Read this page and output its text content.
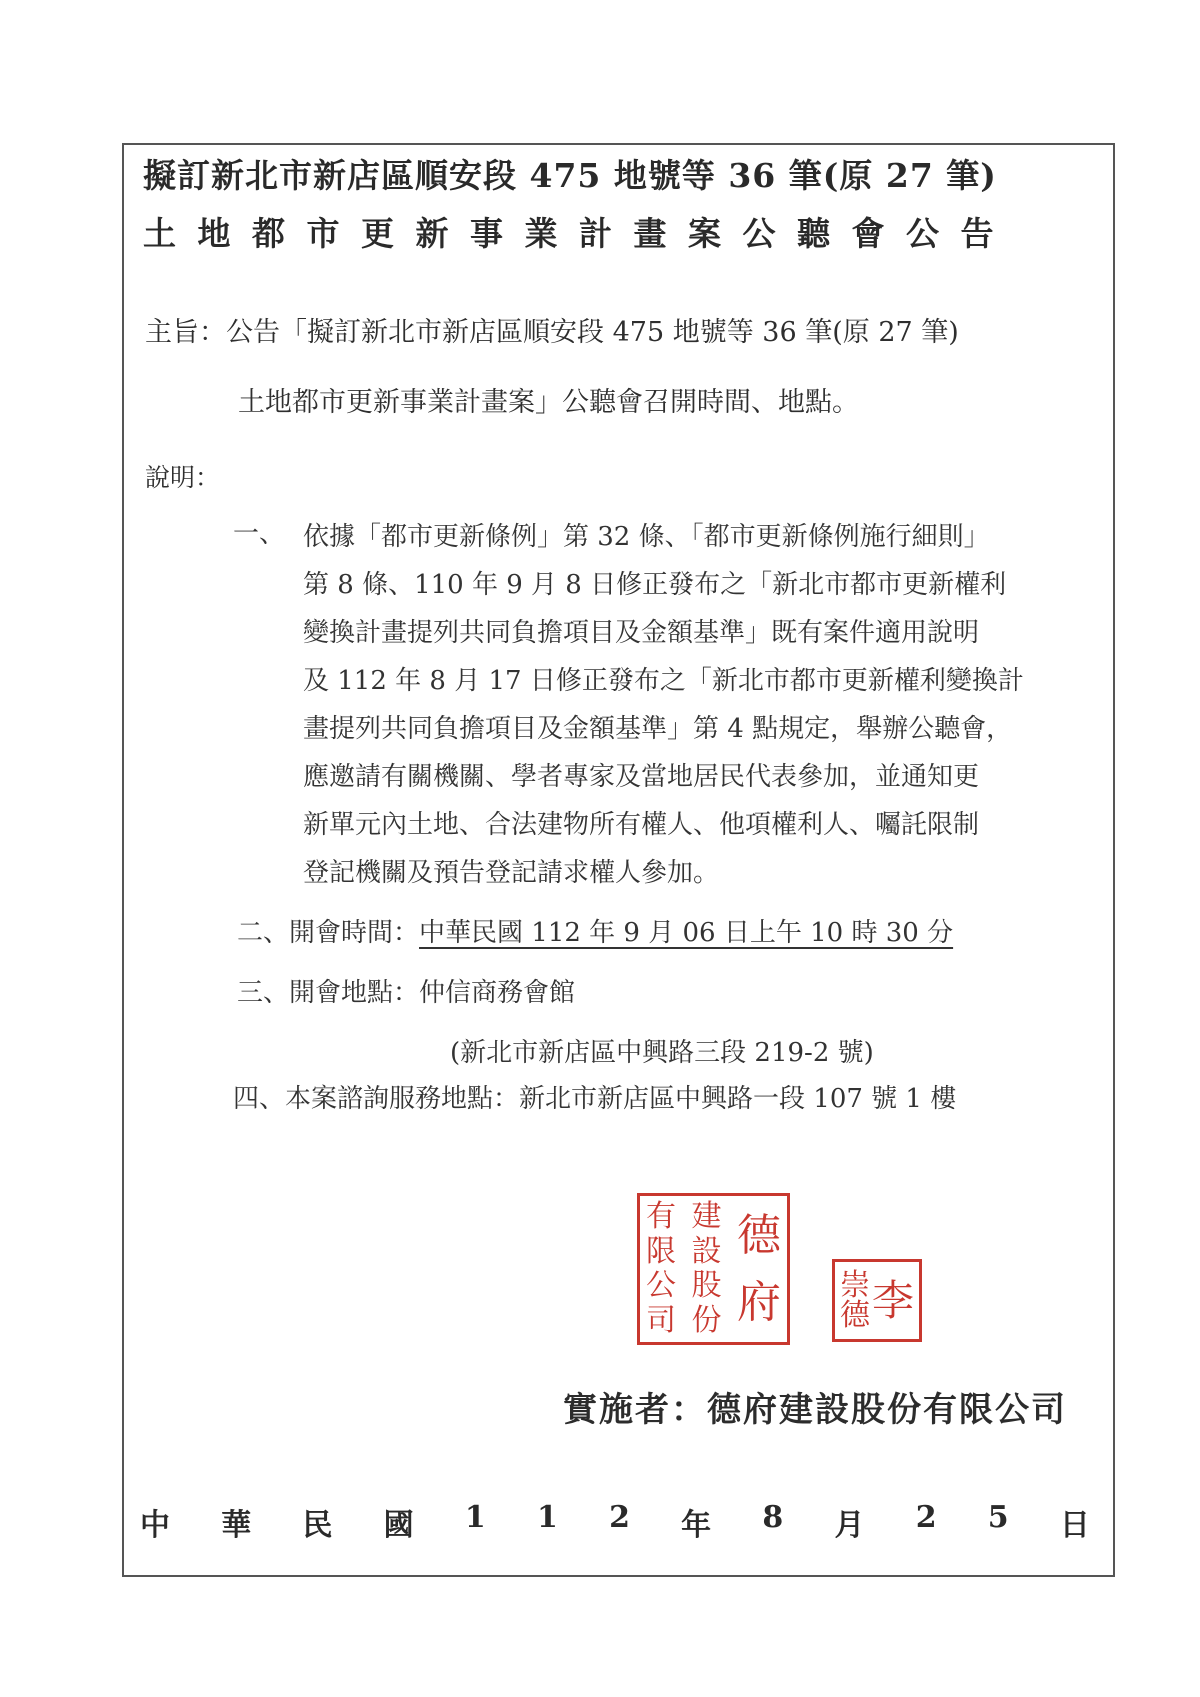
擬訂新北市新店區順安段 475 地號等 36 筆(原 27 筆)
土地都市更新事業計畫案公聽會公告
主旨：公告「擬訂新北市新店區順安段 475 地號等 36 筆(原 27 筆)
土地都市更新事業計畫案」公聽會召開時間、地點。
說明：
一、 依據「都市更新條例」第 32 條、「都市更新條例施行細則」
第 8 條、110 年 9 月 8 日修正發布之「新北市都市更新權利
變換計畫提列共同負擔項目及金額基準」既有案件適用說明
及 112 年 8 月 17 日修正發布之「新北市都市更新權利變換計
畫提列共同負擔項目及金額基準」第 4 點規定，舉辦公聽會，
應邀請有關機關、學者專家及當地居民代表參加，並通知更
新單元內土地、合法建物所有權人、他項權利人、囑託限制
登記機關及預告登記請求權人參加。
二、開會時間：中華民國 112 年 9 月 06 日上午 10 時 30 分
三、開會地點：仲信商務會館
(新北市新店區中興路三段 219-2 號)
四、本案諮詢服務地點：新北市新店區中興路一段 107 號 1 樓
德
府
建
設
股
份
有
限
公
司	李
崇
德
實施者：德府建設股份有限公司
中 華 民 國 1 1 2 年 8 月 2 5 日
